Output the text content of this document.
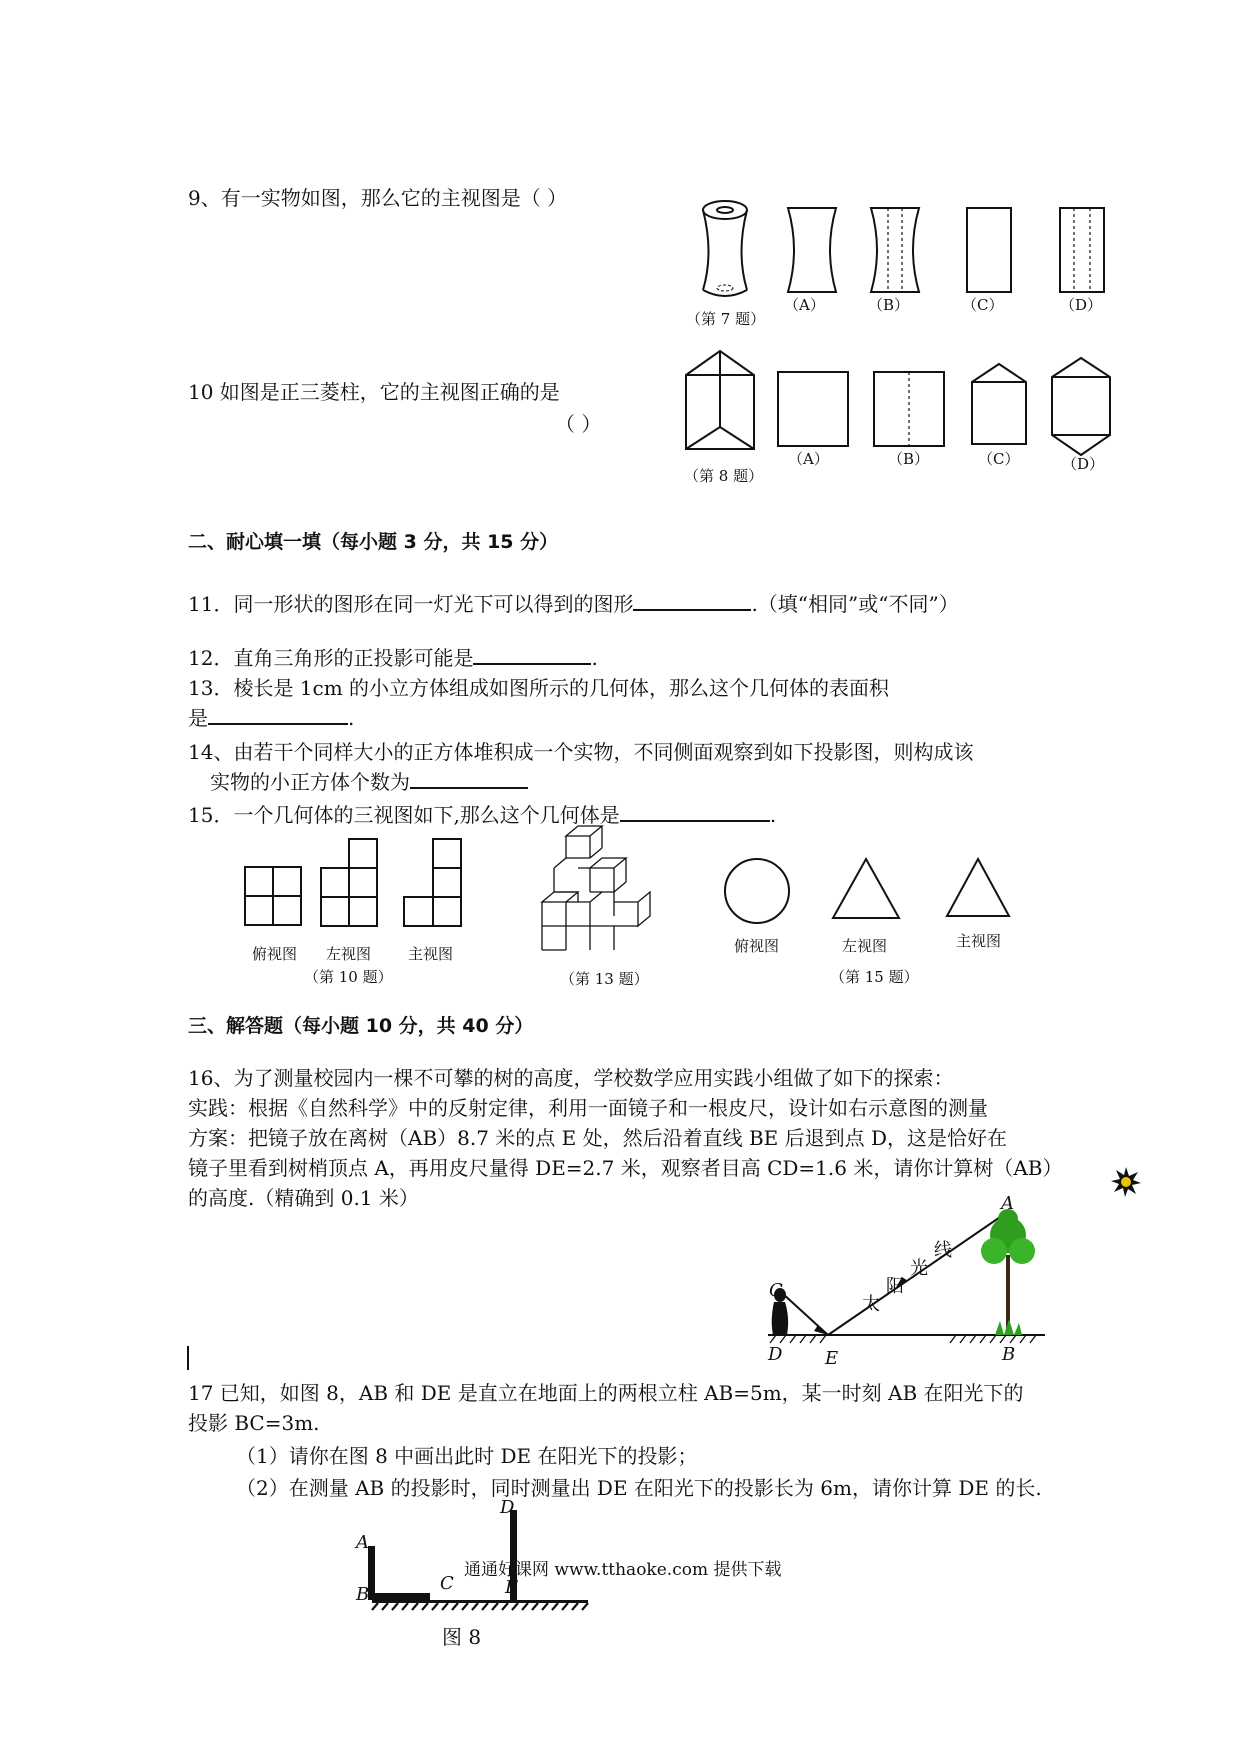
9、有一实物如图，那么它的主视图是（ ）
（第 7 题）
（A）	（B）	（C）	（D）
10 如图是正三菱柱，它的主视图正确的是
（ ）
（第 8 题）
（A）	（B）	（C）	（D）
二、耐心填一填（每小题 3 分，共 15 分）
11．同一形状的图形在同一灯光下可以得到的图形	.（填“相同”或“不同”）
12．直角三角形的正投影可能是	.
13．棱长是 1cm 的小立方体组成如图所示的几何体，那么这个几何体的表面积
是	.
14、由若干个同样大小的正方体堆积成一个实物，不同侧面观察到如下投影图，则构成该
实物的小正方体个数为
15．一个几何体的三视图如下,那么这个几何体是	.
俯视图 左视图 主视图
（第 10 题）	（第 13 题）
俯视图	左视图	主视图
（第 15 题）
三、解答题（每小题 10 分，共 40 分）
16、为了测量校园内一棵不可攀的树的高度，学校数学应用实践小组做了如下的探索：
实践：根据《自然科学》中的反射定律，利用一面镜子和一根皮尺，设计如右示意图的测量
方案：把镜子放在离树（AB）8.7 米的点 E 处，然后沿着直线 BE 后退到点 D，这是恰好在
镜子里看到树梢顶点 A，再用皮尺量得 DE=2.7 米，观察者目高 CD=1.6 米，请你计算树（AB）
的高度.（精确到 0.1 米）	A
C
D E	B
太
阳
光
线
17 已知，如图 8，AB 和 DE 是直立在地面上的两根立柱 AB=5m，某一时刻 AB 在阳光下的
投影 BC=3m.
（1）请你在图 8 中画出此时 DE 在阳光下的投影；
（2）在测量 AB 的投影时，同时测量出 DE 在阳光下的投影长为 6m，请你计算 DE 的长.
A
B
C
D
E
图 8
通通好课网 www.tthaoke.com 提供下载
